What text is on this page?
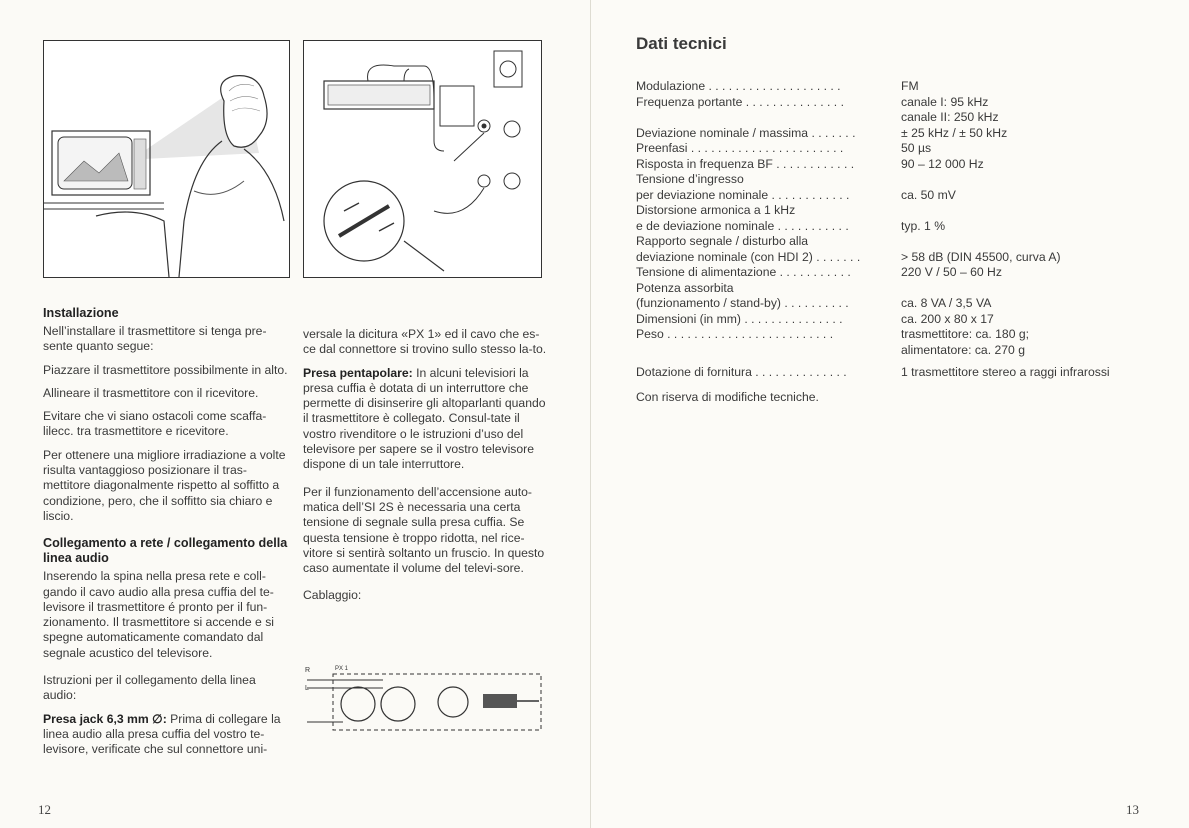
Installazione

Nell’installare il trasmettitore si tenga pre-sente quanto segue:

Piazzare il trasmettitore possibilmente in alto.

Allineare il trasmettitore con il ricevitore.

Evitare che vi siano ostacoli come scaffa-lilecc. tra trasmettitore e ricevitore.

Per ottenere una migliore irradiazione a volte risulta vantaggioso posizionare il tras-mettitore diagonalmente rispetto al soffitto a condizione, pero, che il soffitto sia chiaro e liscio.

Collegamento a rete / collegamento della linea audio

Inserendo la spina nella presa rete e coll-gando il cavo audio alla presa cuffia del te-levisore il trasmettitore é pronto per il fun-zionamento. Il trasmettitore si accende e si spegne automaticamente comandato dal segnale acustico del televisore.

Istruzioni per il collegamento della linea audio:

Presa jack 6,3 mm ∅: Prima di collegare la linea audio alla presa cuffia del vostro te-levisore, verificate che sul connettore uni-

versale la dicitura «PX 1» ed il cavo che es-ce dal connettore si trovino sullo stesso la-to.

Presa pentapolare: In alcuni televisiori la presa cuffia è dotata di un interruttore che permette di disinserire gli altoparlanti quando il trasmettitore è collegato. Consul-tate il vostro rivenditore o le istruzioni d’uso del televisore per sapere se il vostro televisore dispone di un tale interruttore.

Per il funzionamento dell’accensione auto-matica dell’SI 2S è necessaria una certa tensione di segnale sulla presa cuffia. Se questa tensione è troppo ridotta, nel rice-vitore si sentirà soltanto un fruscio. In questo caso aumentate il volume del televi-sore.

Cablaggio:

R
L
PX 1
12
Dati tecnici
Modulazione . . . . . . . . . . . . . . . . . . . .	FM
Frequenza portante . . . . . . . . . . . . . . .	canale I: 95 kHz
canale II: 250 kHz
Deviazione nominale / massima . . . . . . .	± 25 kHz / ± 50 kHz
Preenfasi . . . . . . . . . . . . . . . . . . . . . . .	50 µs
Risposta in frequenza BF . . . . . . . . . . . .	90 – 12 000 Hz
Tensione d’ingresso
per deviazione nominale . . . . . . . . . . . .	ca. 50 mV
Distorsione armonica a 1 kHz
e de deviazione nominale . . . . . . . . . . .	typ. 1 %
Rapporto segnale / disturbo alla
deviazione nominale (con HDI 2) . . . . . . .	> 58 dB (DIN 45500, curva A)
Tensione di alimentazione . . . . . . . . . . .	220 V / 50 – 60 Hz
Potenza assorbita
(funzionamento / stand-by) . . . . . . . . . .	ca. 8 VA / 3,5 VA
Dimensioni (in mm) . . . . . . . . . . . . . . .	ca. 200 x 80 x 17
Peso . . . . . . . . . . . . . . . . . . . . . . . . .	trasmettitore: ca. 180 g;
alimentatore: ca. 270 g
Dotazione di fornitura . . . . . . . . . . . . . .	1 trasmettitore stereo a raggi infrarossi
Con riserva di modifiche tecniche.
13
